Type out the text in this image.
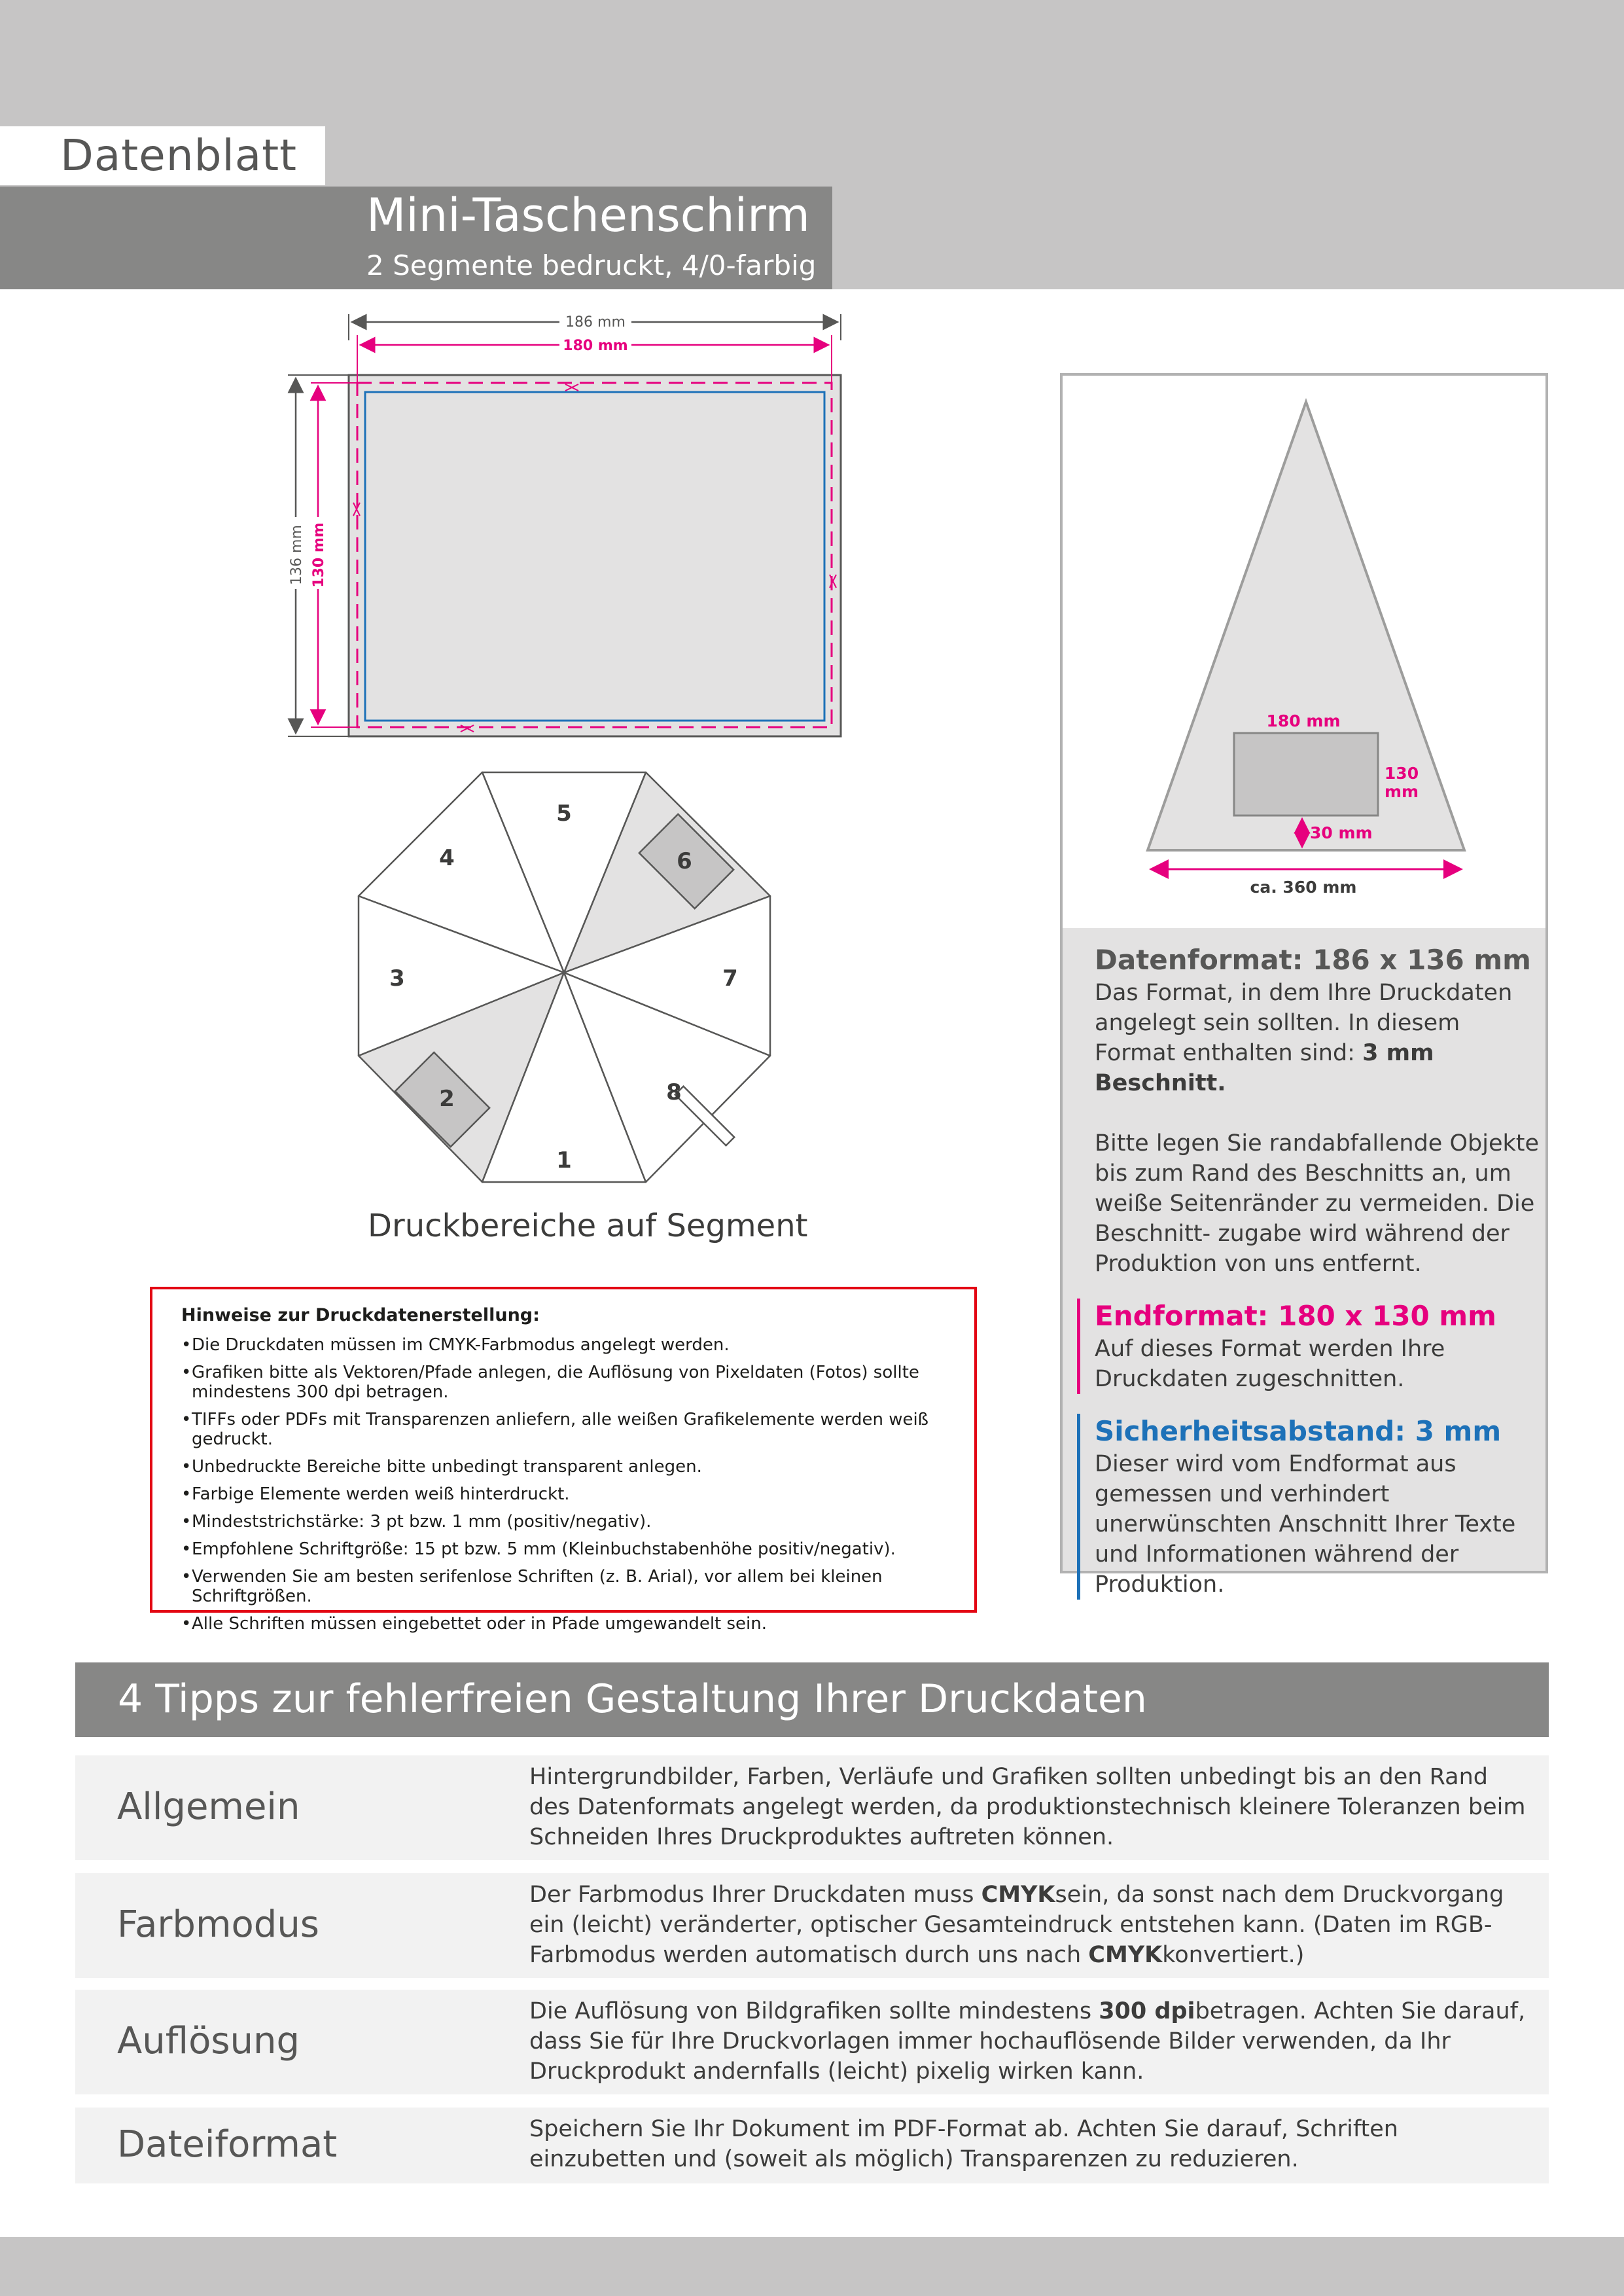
Datenblatt
Mini-Taschenschirm
2 Segmente bedruckt, 4/0-farbig
186 mm
180 mm
136 mm 130 mm
1
2
3
4
5
6
7
8
Druckbereiche auf Segment

Hinweise zur Druckdatenerstellung:

• Die Druckdaten müssen im CMYK-Farbmodus angelegt werden.
• Grafiken bitte als Vektoren/Pfade anlegen, die Auflösung von Pixeldaten (Fotos) sollte mindestens 300 dpi betragen.
• TIFFs oder PDFs mit Transparenzen anliefern, alle weißen Grafikelemente werden weiß gedruckt.
• Unbedruckte Bereiche bitte unbedingt transparent anlegen.
• Farbige Elemente werden weiß hinterdruckt.
• Mindeststrichstärke: 3 pt bzw. 1 mm (positiv/negativ).
• Empfohlene Schriftgröße: 15 pt bzw. 5 mm (Kleinbuchstabenhöhe positiv/negativ).
• Verwenden Sie am besten serifenlose Schriften (z. B. Arial), vor allem bei kleinen Schriftgrößen.
• Alle Schriften müssen eingebettet oder in Pfade umgewandelt sein.
180 mm
130
mm
30 mm
ca. 360 mm

Datenformat: 186 x 136 mm

Das Format, in dem Ihre Druckdaten angelegt sein sollten. In diesem Format enthalten sind: 3 mm Beschnitt.

Bitte legen Sie randabfallende Objekte bis zum Rand des Beschnitts an, um weiße Seitenränder zu vermeiden. Die Beschnitt- zugabe wird während der Produktion von uns entfernt.

Endformat: 180 x 130 mm

Auf dieses Format werden Ihre Druckdaten zugeschnitten.

Sicherheitsabstand: 3 mm

Dieser wird vom Endformat aus gemessen und verhindert unerwünschten Anschnitt Ihrer Texte und Informationen während der Produktion.

4 Tipps zur fehlerfreien Gestaltung Ihrer Druckdaten
Allgemein
Hintergrundbilder, Farben, Verläufe und Grafiken sollten unbedingt bis an den Rand des Datenformats angelegt werden, da produktionstechnisch kleinere Toleranzen beim Schneiden Ihres Druckproduktes auftreten können.
Farbmodus
Der Farbmodus Ihrer Druckdaten muss CMYKsein, da sonst nach dem Druckvorgang ein (leicht) veränderter, optischer Gesamteindruck entstehen kann. (Daten im RGB-Farbmodus werden automatisch durch uns nach CMYKkonvertiert.)
Auflösung
Die Auflösung von Bildgrafiken sollte mindestens 300 dpibetragen. Achten Sie darauf, dass Sie für Ihre Druckvorlagen immer hochauflösende Bilder verwenden, da Ihr Druckprodukt andernfalls (leicht) pixelig wirken kann.
Dateiformat	Speichern Sie Ihr Dokument im PDF-Format ab. Achten Sie darauf, Schriften einzubetten und (soweit als möglich) Transparenzen zu reduzieren.
